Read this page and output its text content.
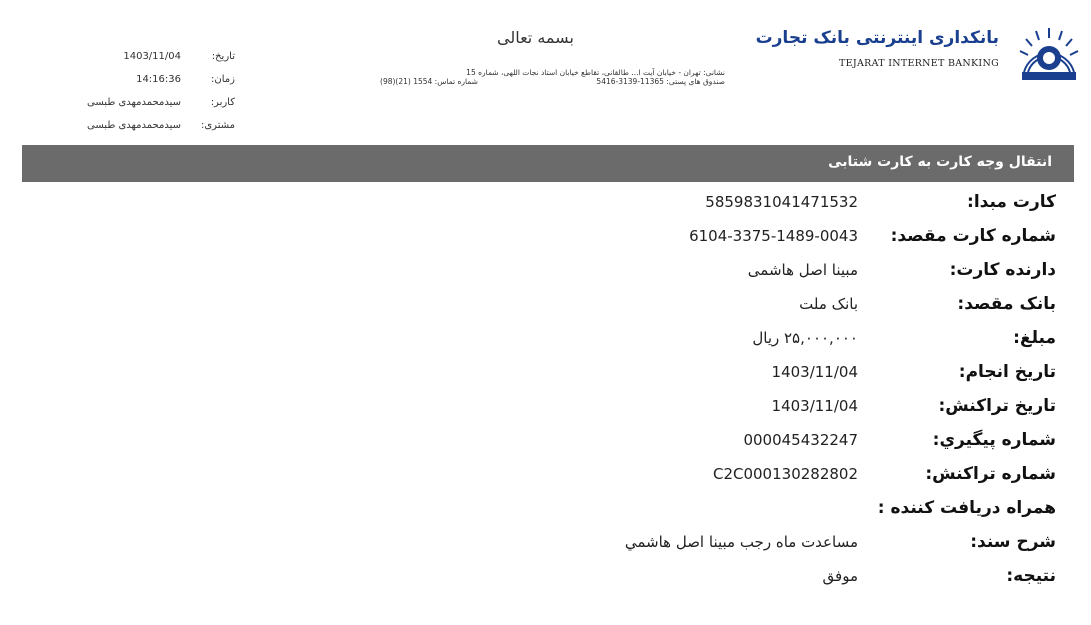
بانکداری اینترنتی بانک تجارت
TEJARAT INTERNET BANKING
بسمه تعالی
نشانی: تهران - خیابان آیت ا... طالقانی، تقاطع خیابان استاد نجات اللهی، شماره 15
صندوق های پستی: 11365-3139-5416
شماره تماس: 1554 (21)(98)
تاریخ:
1403/11/04
زمان:
14:16:36
کاربر:
سیدمحمدمهدی طبسی
مشتری:
سیدمحمدمهدی طبسی
انتقال وجه کارت به کارت شتابی
کارت مبدا:
5859831041471532
شماره کارت مقصد:
6104-3375-1489-0043
دارنده کارت:
مبینا اصل هاشمی
بانک مقصد:
بانک ملت
مبلغ:
۲۵,۰۰۰,۰۰۰ ریال
تاریخ انجام:
1403/11/04
تاریخ تراکنش:
1403/11/04
شماره پیگیري:
000045432247
شماره تراکنش:
C2C000130282802
همراه دریافت کننده :
شرح سند:
مساعدت ماه رجب مبینا اصل هاشمي
نتیجه:
موفق
